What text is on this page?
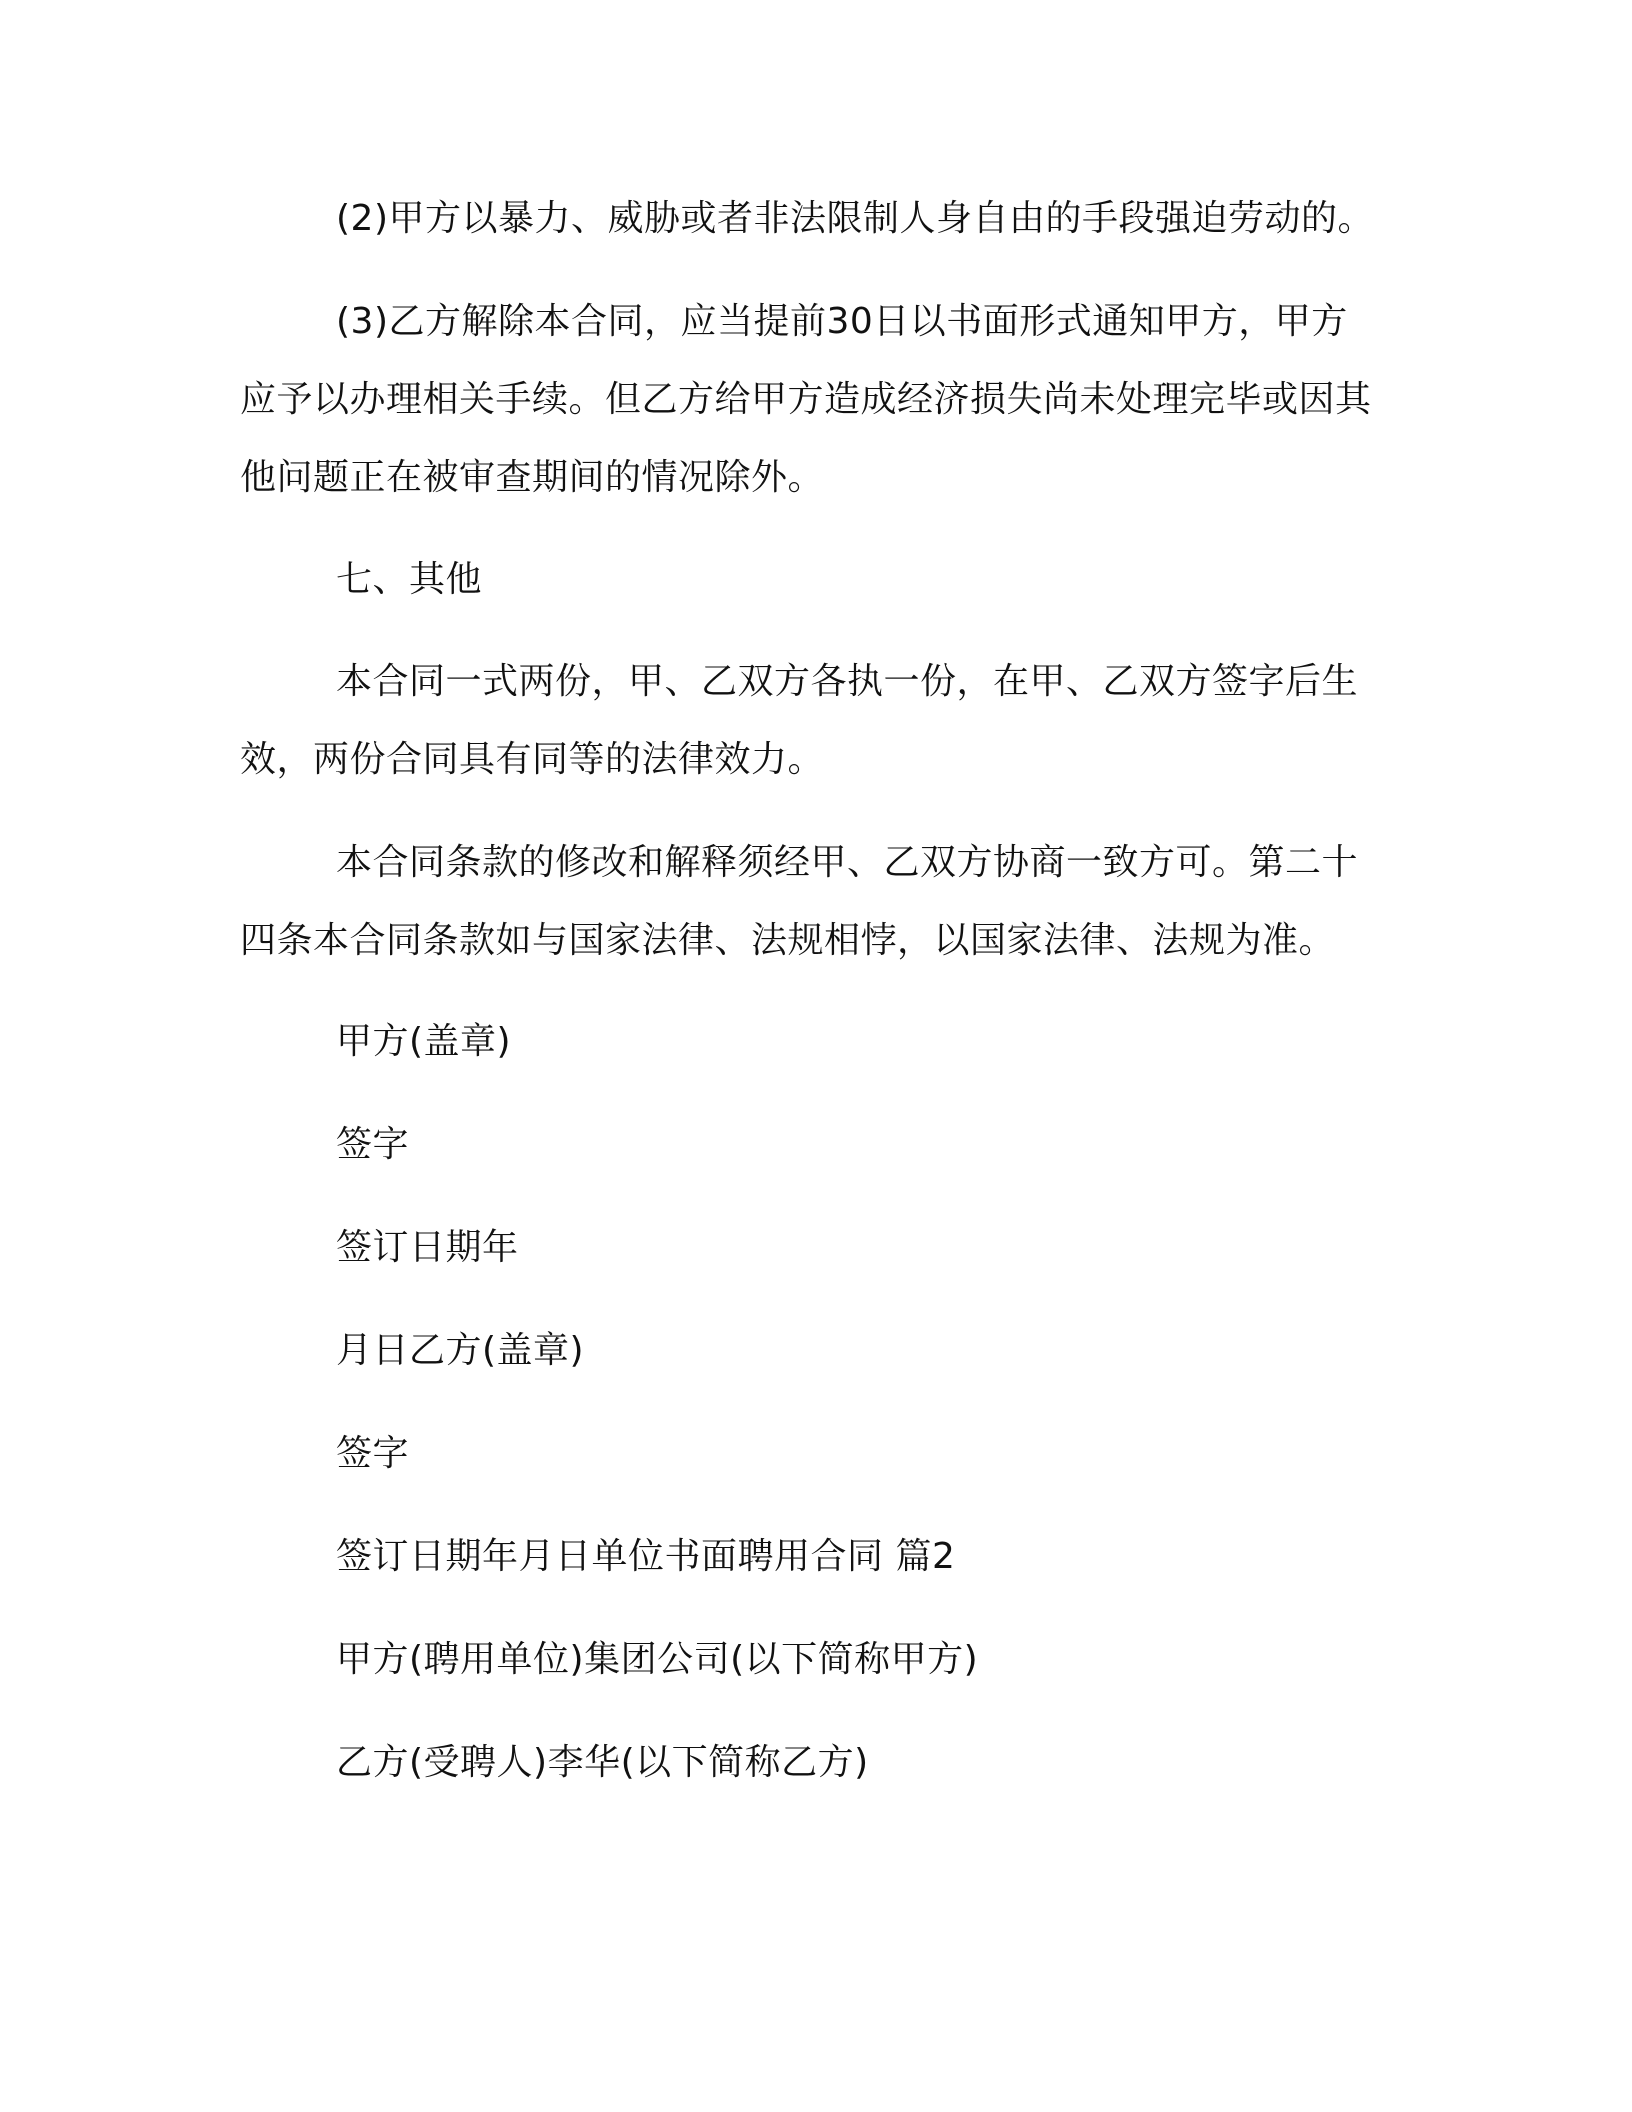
(2)甲方以暴力、威胁或者非法限制人身自由的手段强迫劳动的。

(3)乙方解除本合同，应当提前30日以书面形式通知甲方，甲方应予以办理相关手续。但乙方给甲方造成经济损失尚未处理完毕或因其他问题正在被审查期间的情况除外。

七、其他

本合同一式两份，甲、乙双方各执一份，在甲、乙双方签字后生效，两份合同具有同等的法律效力。

本合同条款的修改和解释须经甲、乙双方协商一致方可。第二十四条本合同条款如与国家法律、法规相悖，以国家法律、法规为准。

甲方(盖章)

签字

签订日期年

月日乙方(盖章)

签字

签订日期年月日单位书面聘用合同 篇2

甲方(聘用单位)集团公司(以下简称甲方)

乙方(受聘人)李华(以下简称乙方)
